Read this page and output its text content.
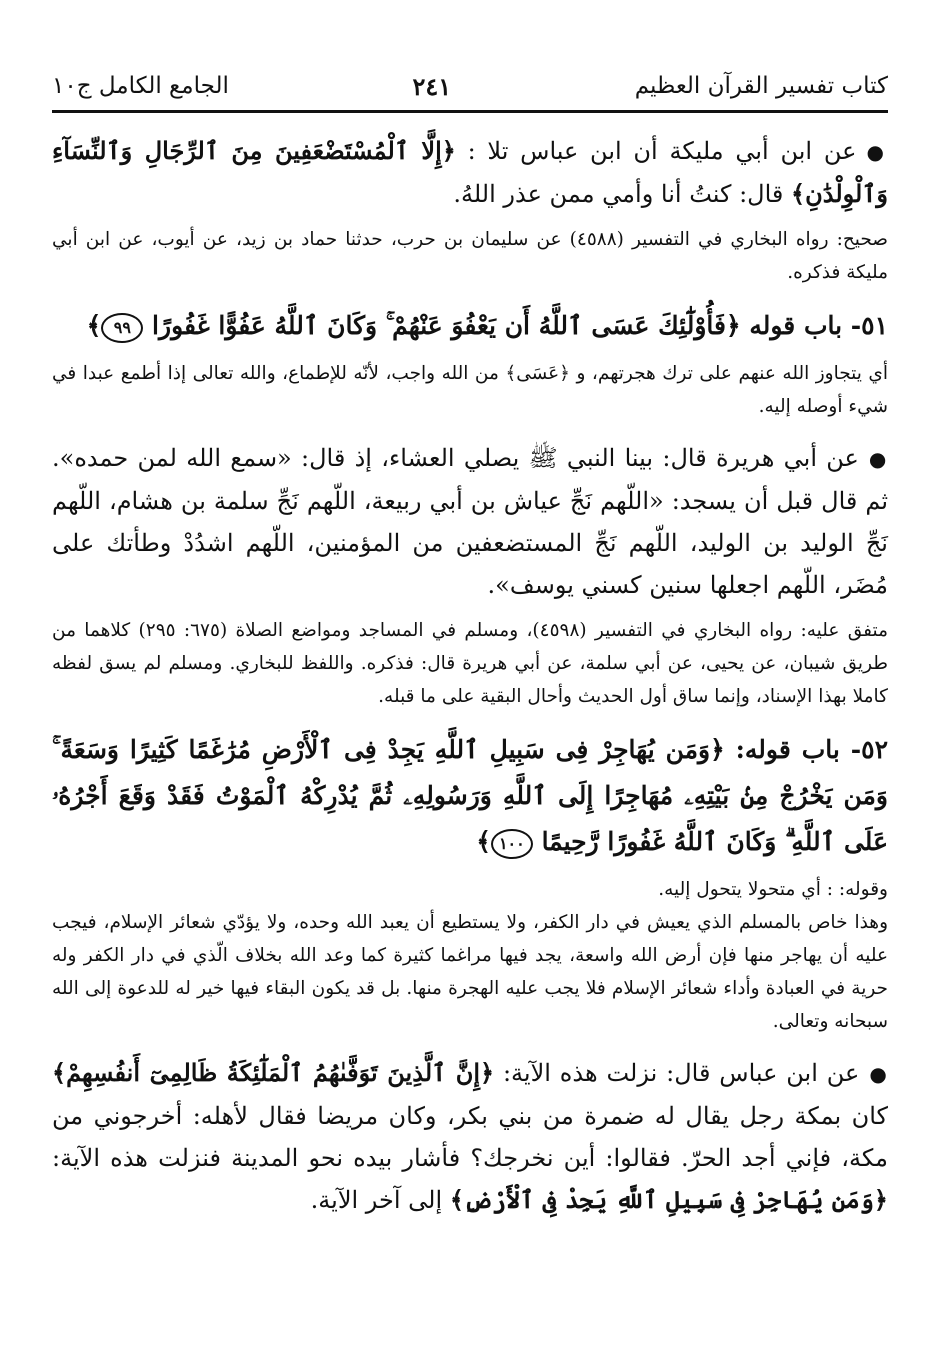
كتاب تفسير القرآن العظيم
٢٤١
الجامع الكامل ج١٠

●عن ابن أبي مليكة أن ابن عباس تلا : ﴿إِلَّا ٱلْمُسْتَضْعَفِينَ مِنَ ٱلرِّجَالِ وَٱلنِّسَآءِ وَٱلْوِلْدَٰنِ﴾ قال: كنتُ أنا وأمي ممن عذر اللهُ.

صحيح: رواه البخاري في التفسير (٤٥٨٨) عن سليمان بن حرب، حدثنا حماد بن زيد، عن أيوب، عن ابن أبي مليكة فذكره.

٥١- باب قوله ﴿فَأُوْلَٰٓئِكَ عَسَى ٱللَّهُ أَن يَعْفُوَ عَنْهُمْ ۚ وَكَانَ ٱللَّهُ عَفُوًّا غَفُورًا ٩٩﴾

أي يتجاوز الله عنهم على ترك هجرتهم، و ﴿عَسَى﴾ من الله واجب، لأنّه للإطماع، والله تعالى إذا أطمع عبدا في شيء أوصله إليه.

●عن أبي هريرة قال: بينا النبي ﷺ يصلي العشاء، إذ قال: «سمع الله لمن حمده». ثم قال قبل أن يسجد: «اللّهم نَجِّ عياش بن أبي ربيعة، اللّهم نَجِّ سلمة بن هشام، اللّهم نَجِّ الوليد بن الوليد، اللّهم نَجِّ المستضعفين من المؤمنين، اللّهم اشدُدْ وطأتك على مُضَر، اللّهم اجعلها سنين كسني يوسف».

متفق عليه: رواه البخاري في التفسير (٤٥٩٨)، ومسلم في المساجد ومواضع الصلاة (٦٧٥: ٢٩٥) كلاهما من طريق شيبان، عن يحيى، عن أبي سلمة، عن أبي هريرة قال: فذكره. واللفظ للبخاري. ومسلم لم يسق لفظه كاملا بهذا الإسناد، وإنما ساق أول الحديث وأحال البقية على ما قبله.

٥٢- باب قوله: ﴿وَمَن يُهَاجِرْ فِى سَبِيلِ ٱللَّهِ يَجِدْ فِى ٱلْأَرْضِ مُرَٰغَمًا كَثِيرًا وَسَعَةً ۚ وَمَن يَخْرُجْ مِنۢ بَيْتِهِۦ مُهَاجِرًا إِلَى ٱللَّهِ وَرَسُولِهِۦ ثُمَّ يُدْرِكْهُ ٱلْمَوْتُ فَقَدْ وَقَعَ أَجْرُهُۥ عَلَى ٱللَّهِ ۗ وَكَانَ ٱللَّهُ غَفُورًا رَّحِيمًا ١٠٠﴾

وقوله: : أي متحولا يتحول إليه.

وهذا خاص بالمسلم الذي يعيش في دار الكفر، ولا يستطيع أن يعبد الله وحده، ولا يؤدّي شعائر الإسلام، فيجب عليه أن يهاجر منها فإن أرض الله واسعة، يجد فيها مراغما كثيرة كما وعد الله بخلاف الّذي في دار الكفر وله حرية في العبادة وأداء شعائر الإسلام فلا يجب عليه الهجرة منها. بل قد يكون البقاء فيها خير له للدعوة إلى الله سبحانه وتعالى.

●عن ابن عباس قال: نزلت هذه الآية: ﴿إِنَّ ٱلَّذِينَ تَوَفَّىٰهُمُ ٱلْمَلَٰٓئِكَةُ ظَالِمِىٓ أَنفُسِهِمْ﴾ كان بمكة رجل يقال له ضمرة من بني بكر، وكان مريضا فقال لأهله: أخرجوني من مكة، فإني أجد الحرّ. فقالوا: أين نخرجك؟ فأشار بيده نحو المدينة فنزلت هذه الآية: ﴿وَمَن يُهَاجِرْ فِى سَبِيلِ ٱللَّهِ يَجِدْ فِى ٱلْأَرْضِ﴾ إلى آخر الآية.
